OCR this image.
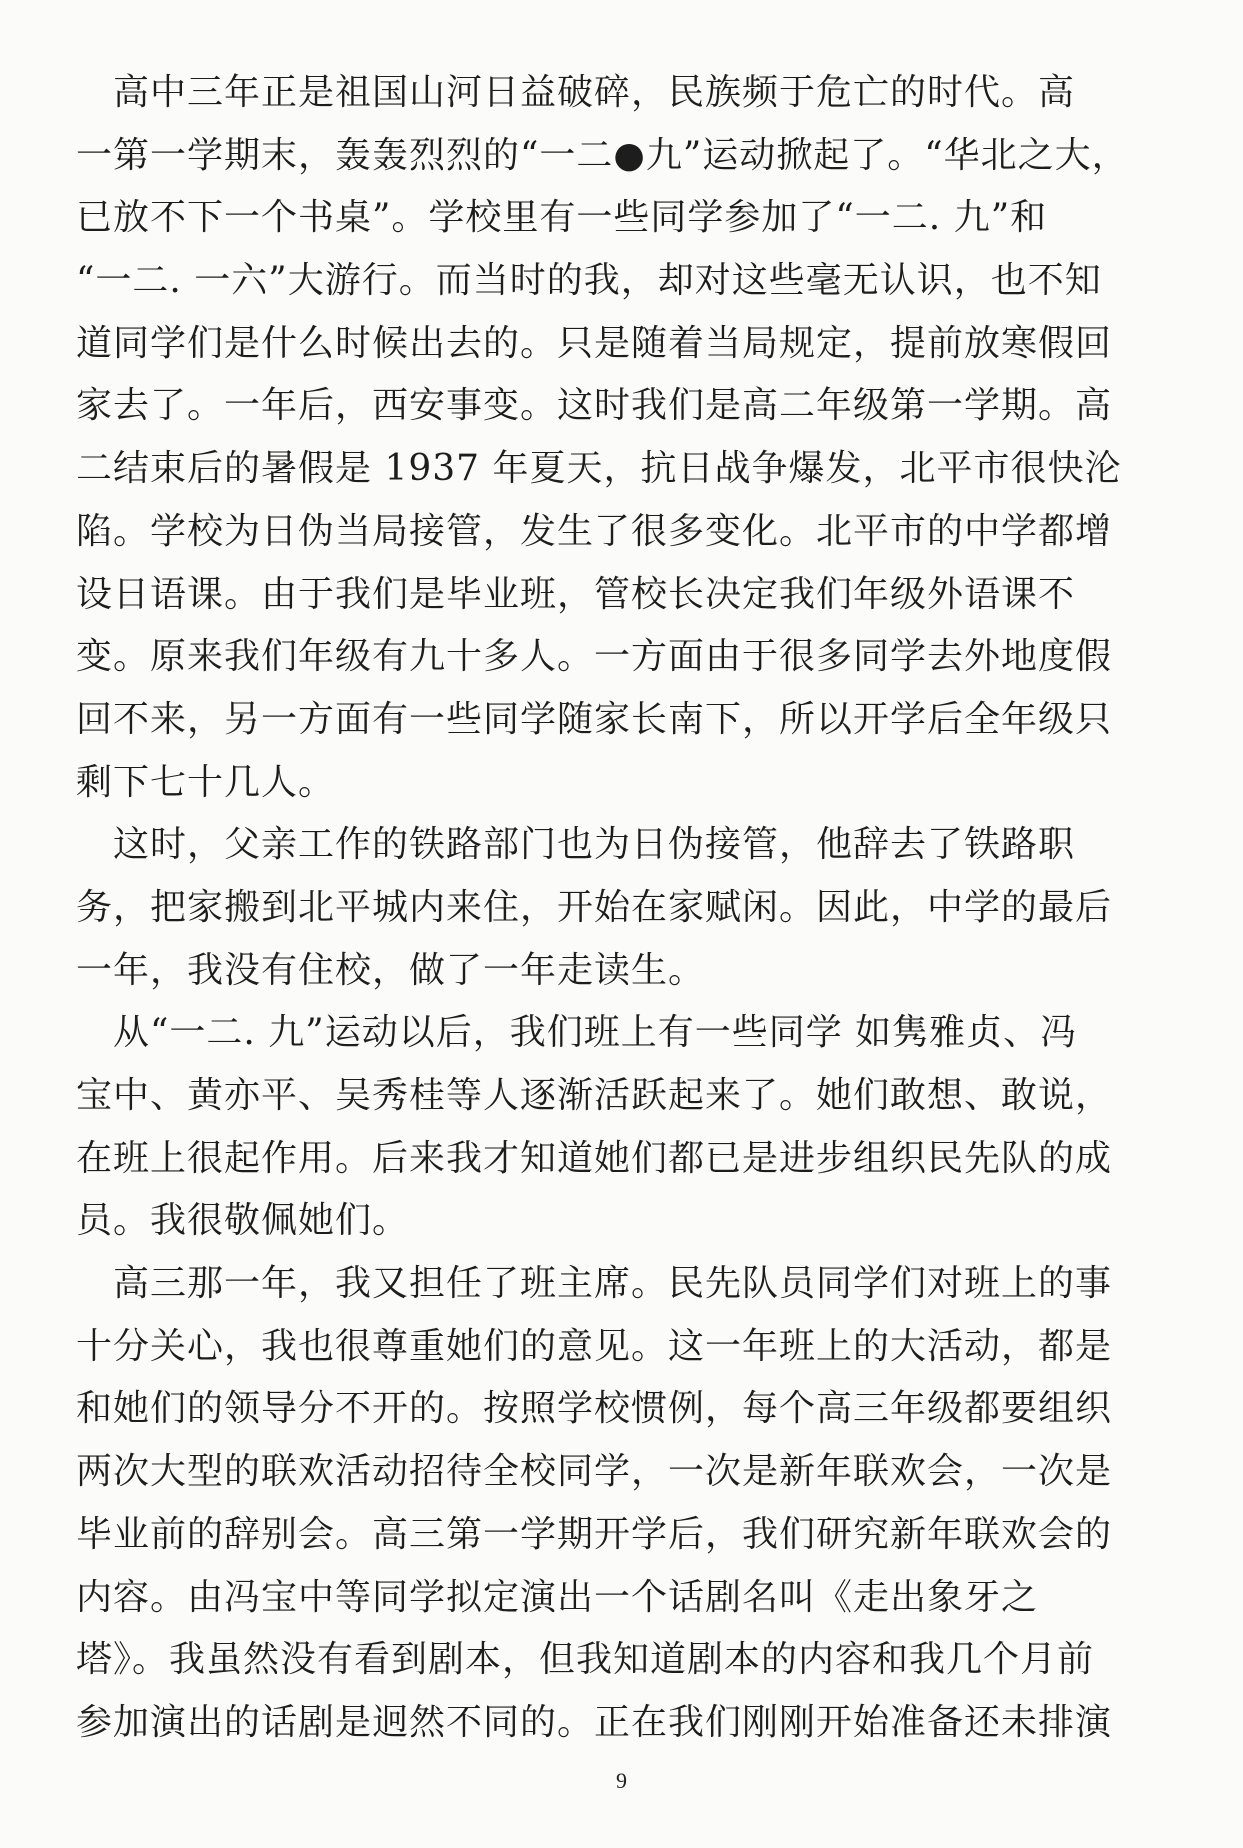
　高中三年正是祖国山河日益破碎，民族频于危亡的时代。高
一第一学期末，轰轰烈烈的“一二●九”运动掀起了。“华北之大，
已放不下一个书桌”。学校里有一些同学参加了“一二. 九”和
“一二. 一六”大游行。而当时的我，却对这些毫无认识，也不知
道同学们是什么时候出去的。只是随着当局规定，提前放寒假回
家去了。一年后，西安事变。这时我们是高二年级第一学期。高
二结束后的暑假是 1937 年夏天，抗日战争爆发，北平市很快沦
陷。学校为日伪当局接管，发生了很多变化。北平市的中学都增
设日语课。由于我们是毕业班，管校长决定我们年级外语课不
变。原来我们年级有九十多人。一方面由于很多同学去外地度假
回不来，另一方面有一些同学随家长南下，所以开学后全年级只
剩下七十几人。
　这时，父亲工作的铁路部门也为日伪接管，他辞去了铁路职
务，把家搬到北平城内来住，开始在家赋闲。因此，中学的最后
一年，我没有住校，做了一年走读生。
　从“一二. 九”运动以后，我们班上有一些同学 如隽雅贞、冯
宝中、黄亦平、吴秀桂等人逐渐活跃起来了。她们敢想、敢说，
在班上很起作用。后来我才知道她们都已是进步组织民先队的成
员。我很敬佩她们。
　高三那一年，我又担任了班主席。民先队员同学们对班上的事
十分关心，我也很尊重她们的意见。这一年班上的大活动，都是
和她们的领导分不开的。按照学校惯例，每个高三年级都要组织
两次大型的联欢活动招待全校同学，一次是新年联欢会，一次是
毕业前的辞别会。高三第一学期开学后，我们研究新年联欢会的
内容。由冯宝中等同学拟定演出一个话剧名叫《走出象牙之
塔》。我虽然没有看到剧本，但我知道剧本的内容和我几个月前
参加演出的话剧是迥然不同的。正在我们刚刚开始准备还未排演
9
